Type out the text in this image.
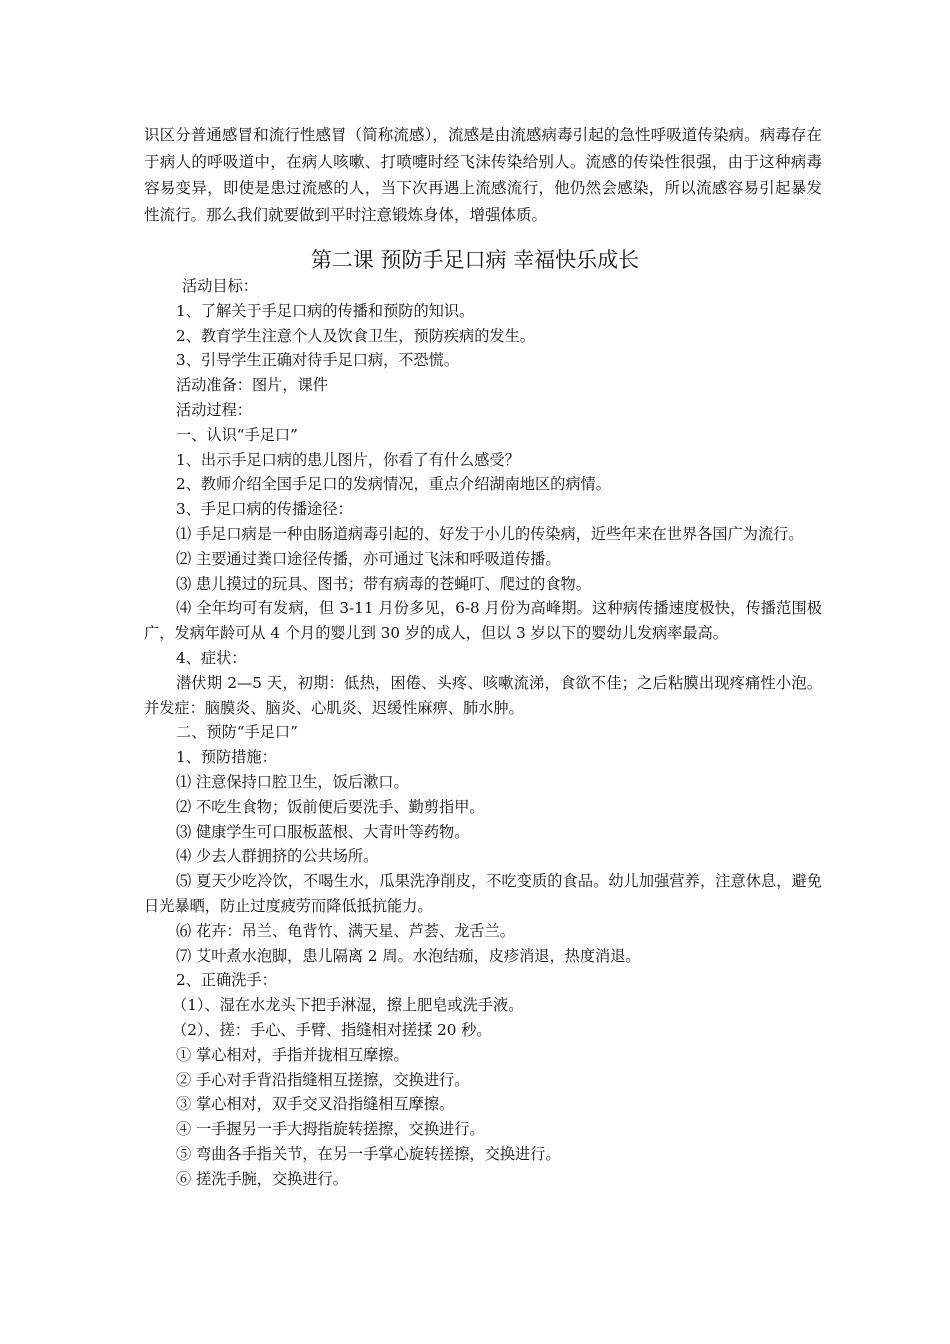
识区分普通感冒和流行性感冒（简称流感），流感是由流感病毒引起的急性呼吸道传染病。病毒存在于病人的呼吸道中，在病人咳嗽、打喷嚏时经飞沫传染给别人。流感的传染性很强，由于这种病毒容易变异，即使是患过流感的人，当下次再遇上流感流行，他仍然会感染，所以流感容易引起暴发性流行。那么我们就要做到平时注意锻炼身体，增强体质。

第二课 预防手足口病 幸福快乐成长

活动目标：

1、了解关于手足口病的传播和预防的知识。

2、教育学生注意个人及饮食卫生，预防疾病的发生。

3、引导学生正确对待手足口病，不恐慌。

活动准备：图片，课件

活动过程：

一、认识“手足口”

1、出示手足口病的患儿图片，你看了有什么感受？

2、教师介绍全国手足口的发病情况，重点介绍湖南地区的病情。

3、手足口病的传播途径：

⑴ 手足口病是一种由肠道病毒引起的、好发于小儿的传染病，近些年来在世界各国广为流行。

⑵ 主要通过粪口途径传播，亦可通过飞沫和呼吸道传播。

⑶ 患儿摸过的玩具、图书；带有病毒的苍蝇叮、爬过的食物。

⑷ 全年均可有发病，但 3-11 月份多见，6-8 月份为高峰期。这种病传播速度极快，传播范围极广，发病年龄可从 4 个月的婴儿到 30 岁的成人，但以 3 岁以下的婴幼儿发病率最高。

4、症状：

潜伏期 2—5 天，初期：低热，困倦、头疼、咳嗽流涕，食欲不佳；之后粘膜出现疼痛性小泡。并发症：脑膜炎、脑炎、心肌炎、迟缓性麻痹、肺水肿。

二、预防“手足口”

1、预防措施：

⑴ 注意保持口腔卫生，饭后漱口。

⑵ 不吃生食物；饭前便后要洗手、勤剪指甲。

⑶ 健康学生可口服板蓝根、大青叶等药物。

⑷ 少去人群拥挤的公共场所。

⑸ 夏天少吃冷饮，不喝生水，瓜果洗净削皮，不吃变质的食品。幼儿加强营养，注意休息，避免日光暴晒，防止过度疲劳而降低抵抗能力。

⑹ 花卉：吊兰、龟背竹、满天星、芦荟、龙舌兰。

⑺ 艾叶煮水泡脚，患儿隔离 2 周。水泡结痂，皮疹消退，热度消退。

2、正确洗手：

（1）、湿在水龙头下把手淋湿，擦上肥皂或洗手液。

（2）、搓：手心、手臂、指缝相对搓揉 20 秒。

① 掌心相对，手指并拢相互摩擦。

② 手心对手背沿指缝相互搓擦，交换进行。

③ 掌心相对，双手交叉沿指缝相互摩擦。

④ 一手握另一手大拇指旋转搓擦，交换进行。

⑤ 弯曲各手指关节，在另一手掌心旋转搓擦，交换进行。

⑥ 搓洗手腕，交换进行。
